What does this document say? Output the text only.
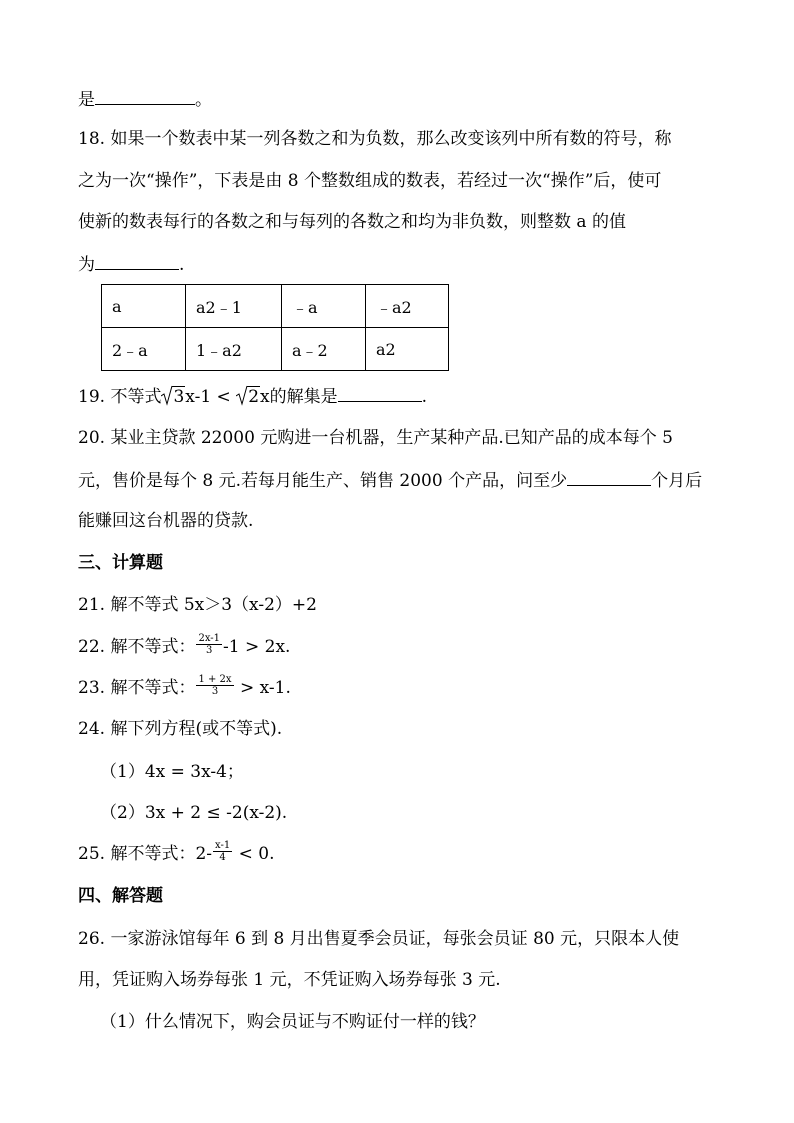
是	。
18. 如果一个数表中某一列各数之和为负数，那么改变该列中所有数的符号，称
之为一次“操作”，下表是由 8 个整数组成的数表，若经过一次“操作”后，使可
使新的数表每行的各数之和与每列的各数之和均为非负数，则整数 a 的值
为	.
a	a2﹣1	﹣a	﹣a2
2﹣a	1﹣a2	a﹣2	a2
19. 不等式 3x-1 <
2x的解集是	.
20. 某业主贷款 22000 元购进一台机器，生产某种产品.已知产品的成本每个 5
元，售价是每个 8 元.若每月能生产、销售 2000 个产品，问至少	个月后
能赚回这台机器的贷款.
三、计算题
21. 解不等式 5x＞3（x-2）+2
22. 解不等式： $\frac{2x-1}{3} -1 > 2x$.
23. 解不等式： $\frac{1 + 2x}{3} > x-1$.
24. 解下列方程(或不等式).
（1）4x = 3x-4；
（2）3x + 2 ≤ -2(x-2).
25. 解不等式：$2- \frac{x-1}{4} < 0$.
四、解答题
26. 一家游泳馆每年 6 到 8 月出售夏季会员证，每张会员证 80 元，只限本人使
用，凭证购入场券每张 1 元，不凭证购入场券每张 3 元.
（1）什么情况下，购会员证与不购证付一样的钱？
